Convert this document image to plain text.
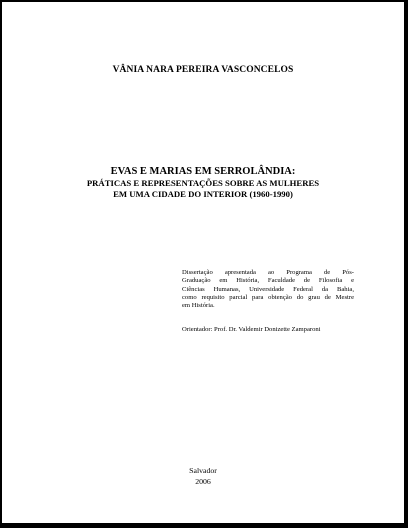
VÂNIA NARA PEREIRA VASCONCELOS
EVAS E MARIAS EM SERROLÂNDIA:
PRÁTICAS E REPRESENTAÇÕES SOBRE AS MULHERES
EM UMA CIDADE DO INTERIOR (1960-1990)
Dissertação apresentada ao Programa de Pós-
Graduação em História, Faculdade de Filosofia e
Ciências Humanas, Universidade Federal da Bahia,
como requisito parcial para obtenção do grau de Mestre
em História.
Orientador: Prof. Dr. Valdemir Donizette Zamparoni
Salvador
2006
